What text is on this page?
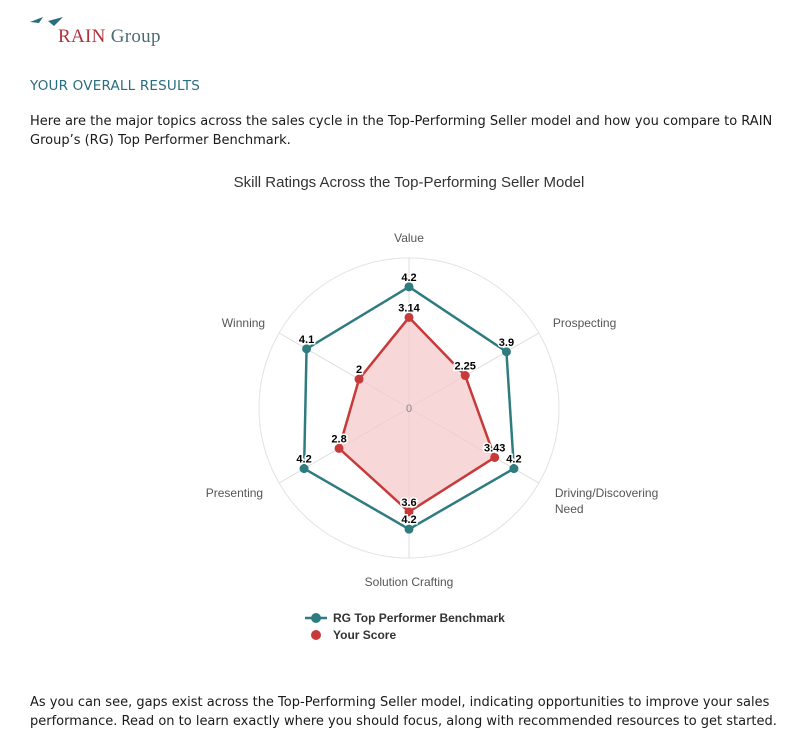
RAIN Group
YOUR OVERALL RESULTS
Here are the major topics across the sales cycle in the Top-Performing Seller model and how you compare to RAIN Group’s (RG) Top Performer Benchmark.
Skill Ratings Across the Top-Performing Seller Model
Value
Prospecting
Driving/Discovering Need
Solution Crafting
Presenting
Winning
0
4.2
3.9
4.2
4.2
4.2
4.1
3.14
2.25
3.43
3.6
2.8
2
RG Top Performer Benchmark
Your Score
As you can see, gaps exist across the Top-Performing Seller model, indicating opportunities to improve your sales performance. Read on to learn exactly where you should focus, along with recommended resources to get started.
